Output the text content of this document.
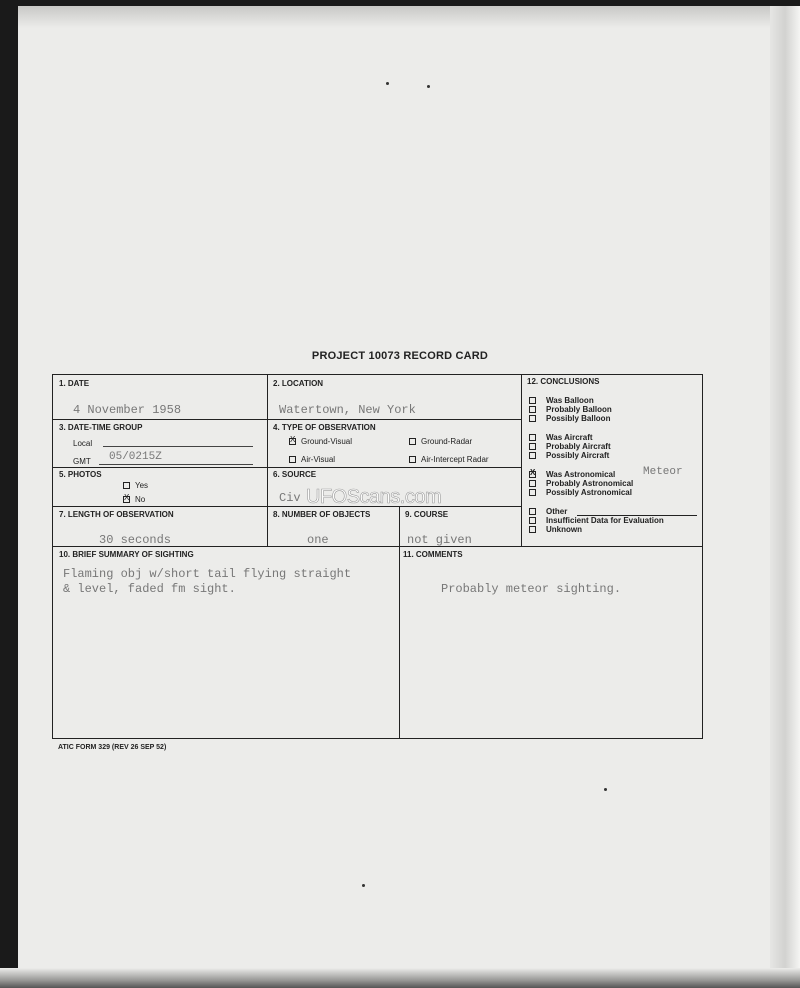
PROJECT 10073 RECORD CARD
1. DATE
4 November 1958
2. LOCATION
Watertown, New York
3. DATE-TIME GROUP
Local
GMT 05/0215Z
4. TYPE OF OBSERVATION
X Ground-Visual	Ground-Radar
Air-Visual	Air-Intercept Radar
5. PHOTOS
Yes
X No
6. SOURCE
Civ
7. LENGTH OF OBSERVATION
30 seconds
8. NUMBER OF OBJECTS
one
9. COURSE
not given
10. BRIEF SUMMARY OF SIGHTING
Flaming obj w/short tail flying straight
& level, faded fm sight.
11. COMMENTS
Probably meteor sighting.
12. CONCLUSIONS
Was Balloon
Probably Balloon
Possibly Balloon
Was Aircraft
Probably Aircraft
Possibly Aircraft
X Was Astronomical	Meteor
Probably Astronomical
Possibly Astronomical
Other
Insufficient Data for Evaluation
Unknown
UFOScans.com
ATIC FORM 329 (REV 26 SEP 52)
